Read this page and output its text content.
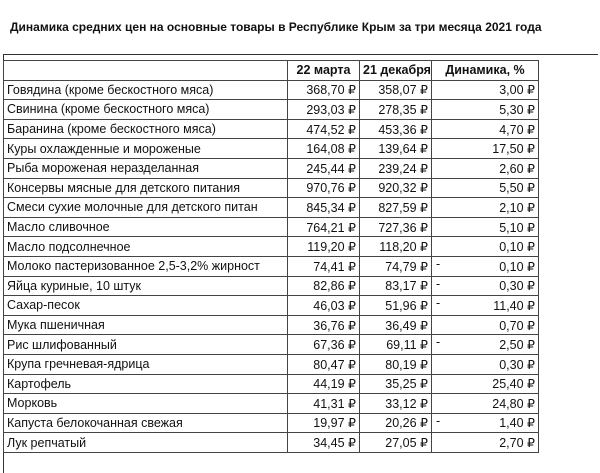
Динамика средних цен на основные товары в Республике Крым за три месяца 2021 года
	22 марта	21 декабря	Динамика, %
Говядина (кроме бескостного мяса)	368,70 ₽	358,07 ₽	3,00 ₽
Свинина (кроме бескостного мяса)	293,03 ₽	278,35 ₽	5,30 ₽
Баранина (кроме бескостного мяса)	474,52 ₽	453,36 ₽	4,70 ₽
Куры охлажденные и мороженые	164,08 ₽	139,64 ₽	17,50 ₽
Рыба мороженая неразделанная	245,44 ₽	239,24 ₽	2,60 ₽
Консервы мясные для детского питания	970,76 ₽	920,32 ₽	5,50 ₽
Смеси сухие молочные для детского питан	845,34 ₽	827,59 ₽	2,10 ₽
Масло сливочное	764,21 ₽	727,36 ₽	5,10 ₽
Масло подсолнечное	119,20 ₽	118,20 ₽	0,10 ₽
Молоко пастеризованное 2,5-3,2% жирност	74,41 ₽	74,79 ₽	- 0,10 ₽
Яйца куриные, 10 штук	82,86 ₽	83,17 ₽	- 0,30 ₽
Сахар-песок	46,03 ₽	51,96 ₽	- 11,40 ₽
Мука пшеничная	36,76 ₽	36,49 ₽	0,70 ₽
Рис шлифованный	67,36 ₽	69,11 ₽	- 2,50 ₽
Крупа гречневая-ядрица	80,47 ₽	80,19 ₽	0,30 ₽
Картофель	44,19 ₽	35,25 ₽	25,40 ₽
Морковь	41,31 ₽	33,12 ₽	24,80 ₽
Капуста белокочанная свежая	19,97 ₽	20,26 ₽	- 1,40 ₽
Лук репчатый	34,45 ₽	27,05 ₽	2,70 ₽
